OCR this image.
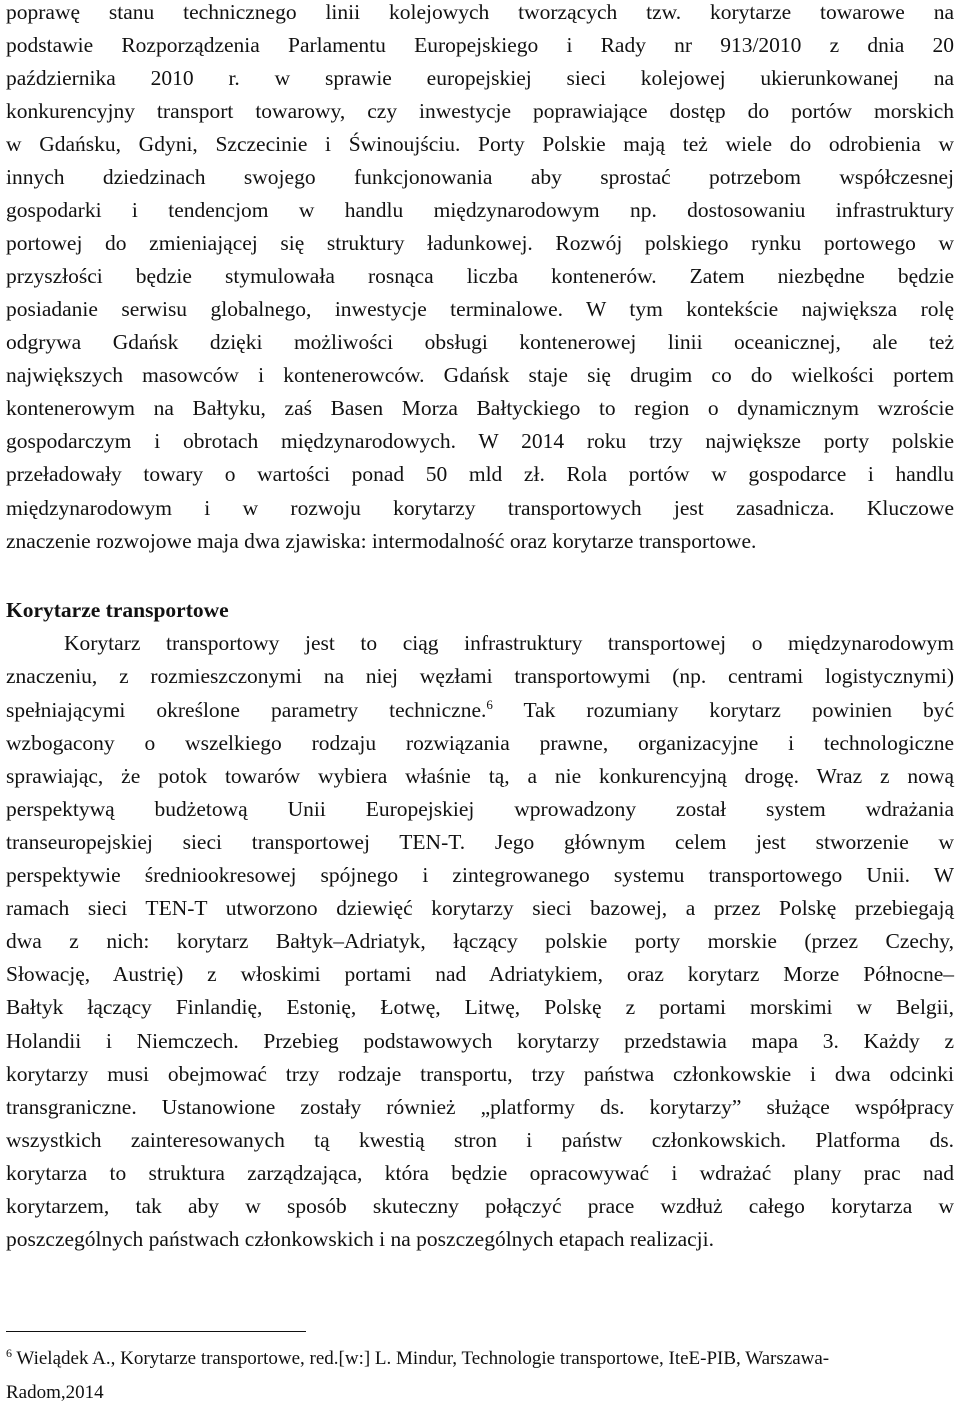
poprawę stanu technicznego linii kolejowych tworzących tzw. korytarze towarowe na
podstawie Rozporządzenia Parlamentu Europejskiego i Rady nr 913/2010 z dnia 20
października 2010 r. w sprawie europejskiej sieci kolejowej ukierunkowanej na
konkurencyjny transport towarowy, czy inwestycje poprawiające dostęp do portów morskich
w Gdańsku, Gdyni, Szczecinie i Świnoujściu. Porty Polskie mają też wiele do odrobienia w
innych dziedzinach swojego funkcjonowania aby sprostać potrzebom współczesnej
gospodarki i tendencjom w handlu międzynarodowym np. dostosowaniu infrastruktury
portowej do zmieniającej się struktury ładunkowej. Rozwój polskiego rynku portowego w
przyszłości będzie stymulowała rosnąca liczba kontenerów. Zatem niezbędne będzie
posiadanie serwisu globalnego, inwestycje terminalowe. W tym kontekście największa rolę
odgrywa Gdańsk dzięki możliwości obsługi kontenerowej linii oceanicznej, ale też
największych masowców i kontenerowców. Gdańsk staje się drugim co do wielkości portem
kontenerowym na Bałtyku, zaś Basen Morza Bałtyckiego to region o dynamicznym wzroście
gospodarczym i obrotach międzynarodowych. W 2014 roku trzy największe porty polskie
przeładowały towary o wartości ponad 50 mld zł. Rola portów w gospodarce i handlu
międzynarodowym i w rozwoju korytarzy transportowych jest zasadnicza. Kluczowe
znaczenie rozwojowe maja dwa zjawiska: intermodalność oraz korytarze transportowe.
Korytarze transportowe
Korytarz transportowy jest to ciąg infrastruktury transportowej o międzynarodowym
znaczeniu, z rozmieszczonymi na niej węzłami transportowymi (np. centrami logistycznymi)
spełniającymi określone parametry techniczne.$^6$ Tak rozumiany korytarz powinien być
wzbogacony o wszelkiego rodzaju rozwiązania prawne, organizacyjne i technologiczne
sprawiając, że potok towarów wybiera właśnie tą, a nie konkurencyjną drogę. Wraz z nową
perspektywą budżetową Unii Europejskiej wprowadzony został system wdrażania
transeuropejskiej sieci transportowej TEN-T. Jego głównym celem jest stworzenie w
perspektywie średniookresowej spójnego i zintegrowanego systemu transportowego Unii. W
ramach sieci TEN-T utworzono dziewięć korytarzy sieci bazowej, a przez Polskę przebiegają
dwa z nich: korytarz Bałtyk–Adriatyk, łączący polskie porty morskie (przez Czechy,
Słowację, Austrię) z włoskimi portami nad Adriatykiem, oraz korytarz Morze Północne–
Bałtyk łączący Finlandię, Estonię, Łotwę, Litwę, Polskę z portami morskimi w Belgii,
Holandii i Niemczech. Przebieg podstawowych korytarzy przedstawia mapa 3. Każdy z
korytarzy musi obejmować trzy rodzaje transportu, trzy państwa członkowskie i dwa odcinki
transgraniczne. Ustanowione zostały również „platformy ds. korytarzy” służące współpracy
wszystkich zainteresowanych tą kwestią stron i państw członkowskich. Platforma ds.
korytarza to struktura zarządzająca, która będzie opracowywać i wdrażać plany prac nad
korytarzem, tak aby w sposób skuteczny połączyć prace wzdłuż całego korytarza w
poszczególnych państwach członkowskich i na poszczególnych etapach realizacji.
$^6$ Wielądek A., Korytarze transportowe, red.[w:] L. Mindur, Technologie transportowe, IteE-PIB, Warszawa-
Radom,2014
